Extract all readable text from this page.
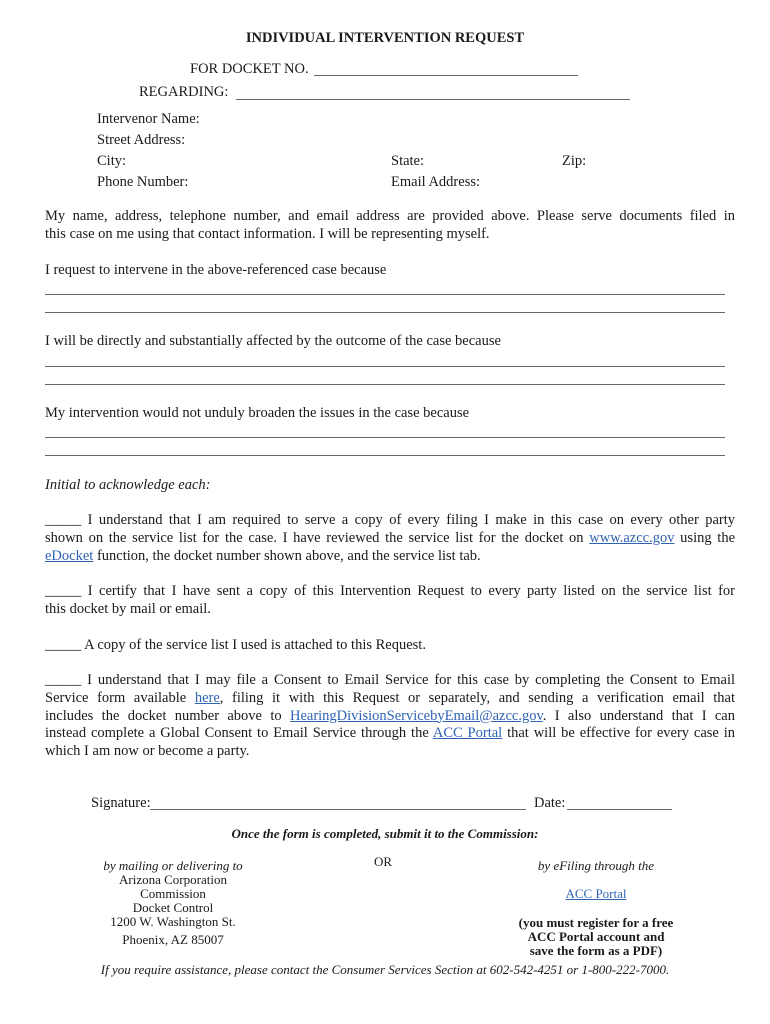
INDIVIDUAL INTERVENTION REQUEST
FOR DOCKET NO.
REGARDING:
Intervenor Name:
Street Address:
City:	State:	Zip:
Phone Number:	Email Address:
My name, address, telephone number, and email address are provided above. Please serve documents filed in
this case on me using that contact information. I will be representing myself.
I request to intervene in the above-referenced case because
I will be directly and substantially affected by the outcome of the case because
My intervention would not unduly broaden the issues in the case because
Initial to acknowledge each:
_____ I understand that I am required to serve a copy of every filing I make in this case on every other party
shown on the service list for the case. I have reviewed the service list for the docket on www.azcc.gov using the
eDocket function, the docket number shown above, and the service list tab.
_____ I certify that I have sent a copy of this Intervention Request to every party listed on the service list for
this docket by mail or email.
_____ A copy of the service list I used is attached to this Request.
_____ I understand that I may file a Consent to Email Service for this case by completing the Consent to Email
Service form available here, filing it with this Request or separately, and sending a verification email that
includes the docket number above to HearingDivisionServicebyEmail@azcc.gov. I also understand that I can
instead complete a Global Consent to Email Service through the ACC Portal that will be effective for every case in
which I am now or become a party.
Signature:	Date:
Once the form is completed, submit it to the Commission:
by mailing or delivering to
Arizona Corporation
Commission
Docket Control
1200 W. Washington St.
Phoenix, AZ 85007
OR	by eFiling through the
ACC Portal
(you must register for a free
ACC Portal account and
save the form as a PDF)
If you require assistance, please contact the Consumer Services Section at 602-542-4251 or 1-800-222-7000.
